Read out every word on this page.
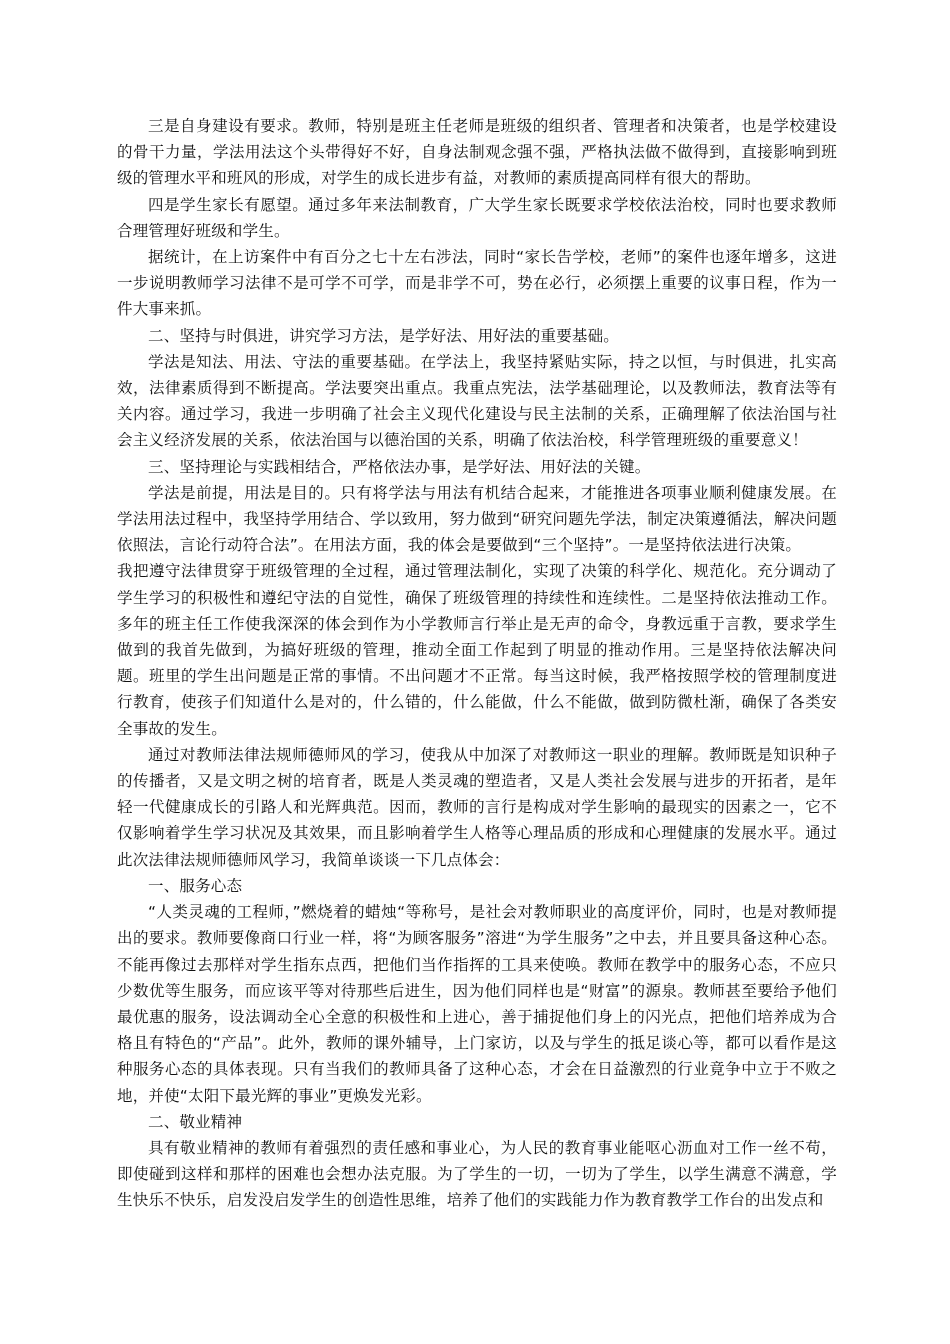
三是自身建设有要求。教师，特别是班主任老师是班级的组织者、管理者和决策者，也是学校建设的骨干力量，学法用法这个头带得好不好，自身法制观念强不强，严格执法做不做得到，直接影响到班级的管理水平和班风的形成，对学生的成长进步有益，对教师的素质提高同样有很大的帮助。

四是学生家长有愿望。通过多年来法制教育，广大学生家长既要求学校依法治校，同时也要求教师合理管理好班级和学生。

据统计，在上访案件中有百分之七十左右涉法，同时“家长告学校，老师”的案件也逐年增多，这进一步说明教师学习法律不是可学不可学，而是非学不可，势在必行，必须摆上重要的议事日程，作为一件大事来抓。

二、坚持与时俱进，讲究学习方法，是学好法、用好法的重要基础。

学法是知法、用法、守法的重要基础。在学法上，我坚持紧贴实际，持之以恒，与时俱进，扎实高效，法律素质得到不断提高。学法要突出重点。我重点宪法，法学基础理论，以及教师法，教育法等有关内容。通过学习，我进一步明确了社会主义现代化建设与民主法制的关系，正确理解了依法治国与社会主义经济发展的关系，依法治国与以德治国的关系，明确了依法治校，科学管理班级的重要意义！

三、坚持理论与实践相结合，严格依法办事，是学好法、用好法的关键。

学法是前提，用法是目的。只有将学法与用法有机结合起来，才能推进各项事业顺利健康发展。在学法用法过程中，我坚持学用结合、学以致用，努力做到“研究问题先学法，制定决策遵循法，解决问题依照法，言论行动符合法”。在用法方面，我的体会是要做到“三个坚持”。一是坚持依法进行决策。

我把遵守法律贯穿于班级管理的全过程，通过管理法制化，实现了决策的科学化、规范化。充分调动了学生学习的积极性和遵纪守法的自觉性，确保了班级管理的持续性和连续性。二是坚持依法推动工作。多年的班主任工作使我深深的体会到作为小学教师言行举止是无声的命令，身教远重于言教，要求学生做到的我首先做到，为搞好班级的管理，推动全面工作起到了明显的推动作用。三是坚持依法解决问题。班里的学生出问题是正常的事情。不出问题才不正常。每当这时候，我严格按照学校的管理制度进行教育，使孩子们知道什么是对的，什么错的，什么能做，什么不能做，做到防微杜渐，确保了各类安全事故的发生。

通过对教师法律法规师德师风的学习，使我从中加深了对教师这一职业的理解。教师既是知识种子的传播者，又是文明之树的培育者，既是人类灵魂的塑造者，又是人类社会发展与进步的开拓者，是年轻一代健康成长的引路人和光辉典范。因而，教师的言行是构成对学生影响的最现实的因素之一，它不仅影响着学生学习状况及其效果，而且影响着学生人格等心理品质的形成和心理健康的发展水平。通过此次法律法规师德师风学习，我简单谈谈一下几点体会：

一、服务心态

“人类灵魂的工程师，”燃烧着的蜡烛“等称号，是社会对教师职业的高度评价，同时，也是对教师提出的要求。教师要像商口行业一样，将“为顾客服务”溶进“为学生服务”之中去，并且要具备这种心态。不能再像过去那样对学生指东点西，把他们当作指挥的工具来使唤。教师在教学中的服务心态，不应只少数优等生服务，而应该平等对待那些后进生，因为他们同样也是“财富”的源泉。教师甚至要给予他们最优惠的服务，设法调动全心全意的积极性和上进心，善于捕捉他们身上的闪光点，把他们培养成为合格且有特色的“产品”。此外，教师的课外辅导，上门家访，以及与学生的抵足谈心等，都可以看作是这种服务心态的具体表现。只有当我们的教师具备了这种心态，才会在日益激烈的行业竟争中立于不败之地，并使“太阳下最光辉的事业”更焕发光彩。

二、敬业精神

具有敬业精神的教师有着强烈的责任感和事业心，为人民的教育事业能呕心沥血对工作一丝不苟，即使碰到这样和那样的困难也会想办法克服。为了学生的一切，一切为了学生，以学生满意不满意，学生快乐不快乐，启发没启发学生的创造性思维，培养了他们的实践能力作为教育教学工作台的出发点和
